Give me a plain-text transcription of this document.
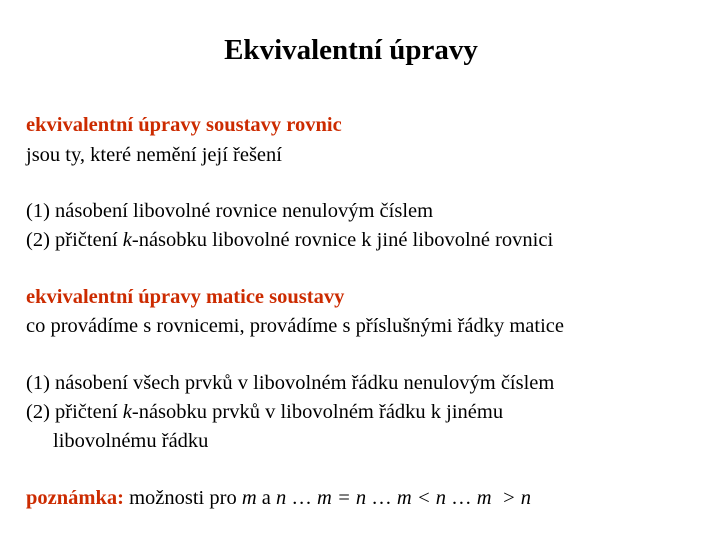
Ekvivalentní úpravy
ekvivalentní úpravy soustavy rovnic
jsou ty, které nemění její řešení
(1) násobení libovolné rovnice nenulovým číslem
(2) přičtení k-násobku libovolné rovnice k jiné libovolné rovnici
ekvivalentní úpravy matice soustavy
co provádíme s rovnicemi, provádíme s příslušnými řádky matice
(1) násobení všech prvků v libovolném řádku nenulovým číslem
(2) přičtení k-násobku prvků v libovolném řádku k jinému
libovolnému řádku
poznámka: možnosti pro m a n … m = n … m < n … m  > n
